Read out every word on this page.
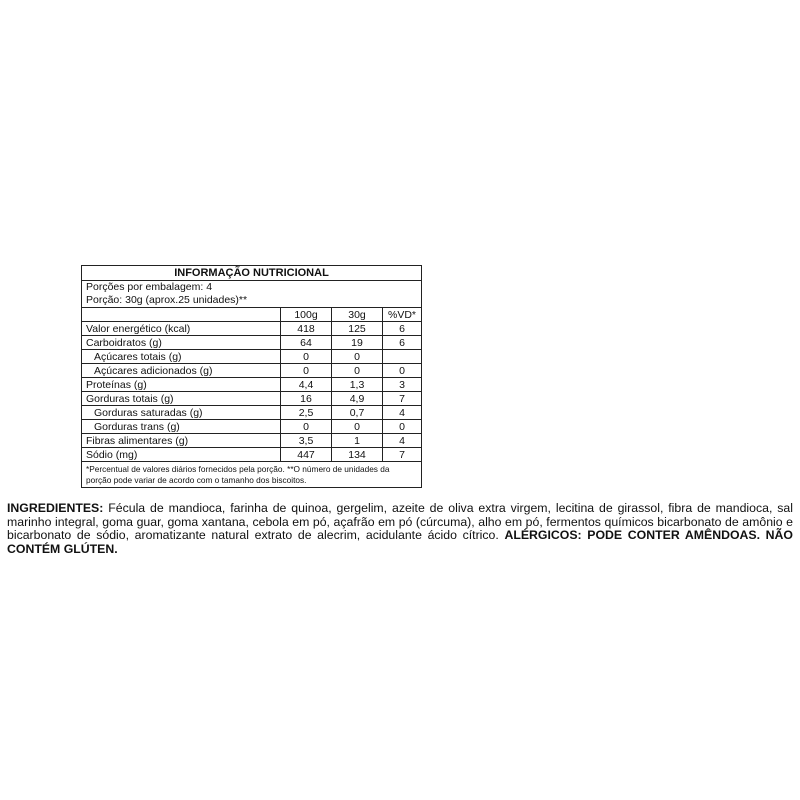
INFORMAÇÃO NUTRICIONAL
Porções por embalagem: 4
Porção: 30g (aprox.25 unidades)**
	100g	30g	%VD*
Valor energético (kcal)	418	125	6
Carboidratos (g)	64	19	6
Açúcares totais (g)	0	0	
Açúcares adicionados (g)	0	0	0
Proteínas (g)	4,4	1,3	3
Gorduras totais (g)	16	4,9	7
Gorduras saturadas (g)	2,5	0,7	4
Gorduras trans (g)	0	0	0
Fibras alimentares (g)	3,5	1	4
Sódio (mg)	447	134	7
*Percentual de valores diários fornecidos pela porção. **O número de unidades da porção pode variar de acordo com o tamanho dos biscoitos.
INGREDIENTES: Fécula de mandioca, farinha de quinoa, gergelim, azeite de oliva extra virgem, lecitina de girassol, fibra de mandioca, sal marinho integral, goma guar, goma xantana, cebola em pó, açafrão em pó (cúrcuma), alho em pó, fermentos químicos bicarbonato de amônio e bicarbonato de sódio, aromatizante natural extrato de alecrim, acidulante ácido cítrico. ALÉRGICOS: PODE CONTER AMÊNDOAS. NÃO CONTÉM GLÚTEN.
